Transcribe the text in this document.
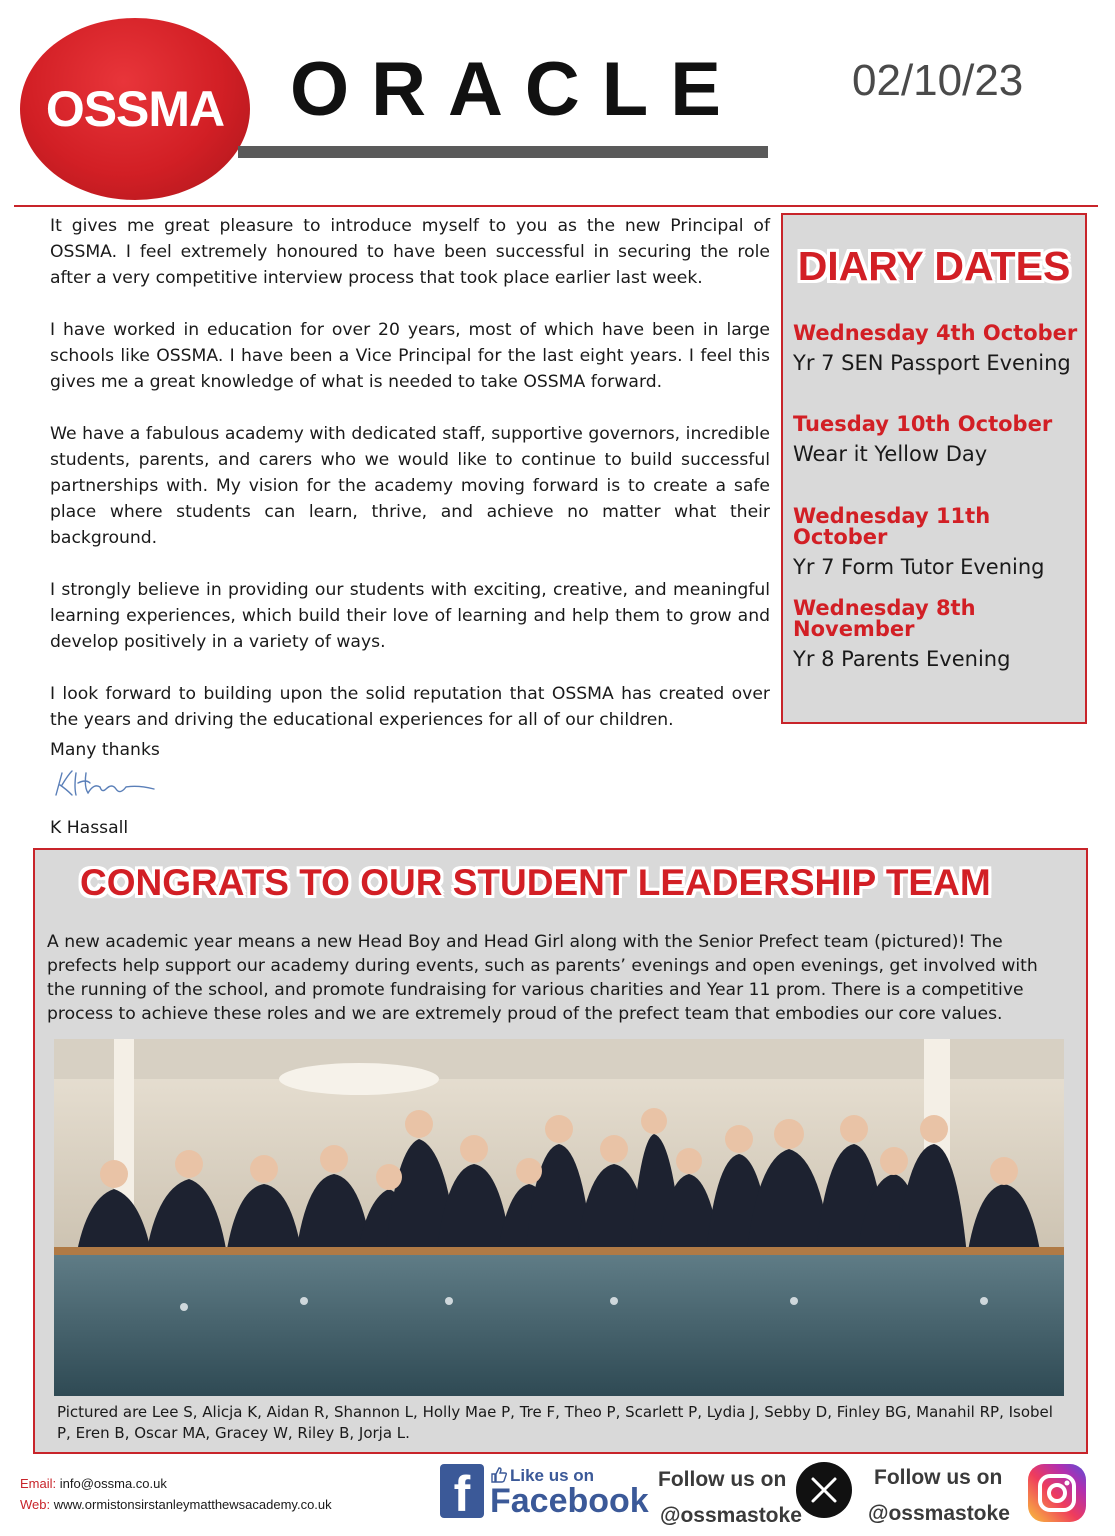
OSSMA ORACLE 02/10/23

It gives me great pleasure to introduce myself to you as the new Principal of OSSMA. I feel extremely honoured to have been successful in securing the role after a very competitive interview process that took place earlier last week.

I have worked in education for over 20 years, most of which have been in large schools like OSSMA. I have been a Vice Principal for the last eight years. I feel this gives me a great knowledge of what is needed to take OSSMA forward.

We have a fabulous academy with dedicated staff, supportive governors, incredible students, parents, and carers who we would like to continue to build successful partnerships with. My vision for the academy moving forward is to create a safe place where students can learn, thrive, and achieve no matter what their background.

I strongly believe in providing our students with exciting, creative, and meaningful learning experiences, which build their love of learning and help them to grow and develop positively in a variety of ways.

I look forward to building upon the solid reputation that OSSMA has created over the years and driving the educational experiences for all of our children.

Many thanks
K Hassall
DIARY DATES
Wednesday 4th October
Yr 7 SEN Passport Evening
Tuesday 10th October
Wear it Yellow Day
Wednesday 11th October
Yr 7 Form Tutor Evening
Wednesday 8th November
Yr 8 Parents Evening
CONGRATS TO OUR STUDENT LEADERSHIP TEAM
A new academic year means a new Head Boy and Head Girl along with the Senior Prefect team (pictured)! The prefects help support our academy during events, such as parents’ evenings and open evenings, get involved with the running of the school, and promote fundraising for various charities and Year 11 prom. There is a competitive process to achieve these roles and we are extremely proud of the prefect team that embodies our core values.
Pictured are Lee S, Alicja K, Aidan R, Shannon L, Holly Mae P, Tre F, Theo P, Scarlett P, Lydia J, Sebby D, Finley BG, Manahil RP, Isobel P, Eren B, Oscar MA, Gracey W, Riley B, Jorja L.
Email: info@ossma.co.uk
Web: www.ormistonsirstanleymatthewsacademy.co.uk f	Like us on
Facebook
Follow us on
@ossmastoke
Follow us on
@ossmastoke
